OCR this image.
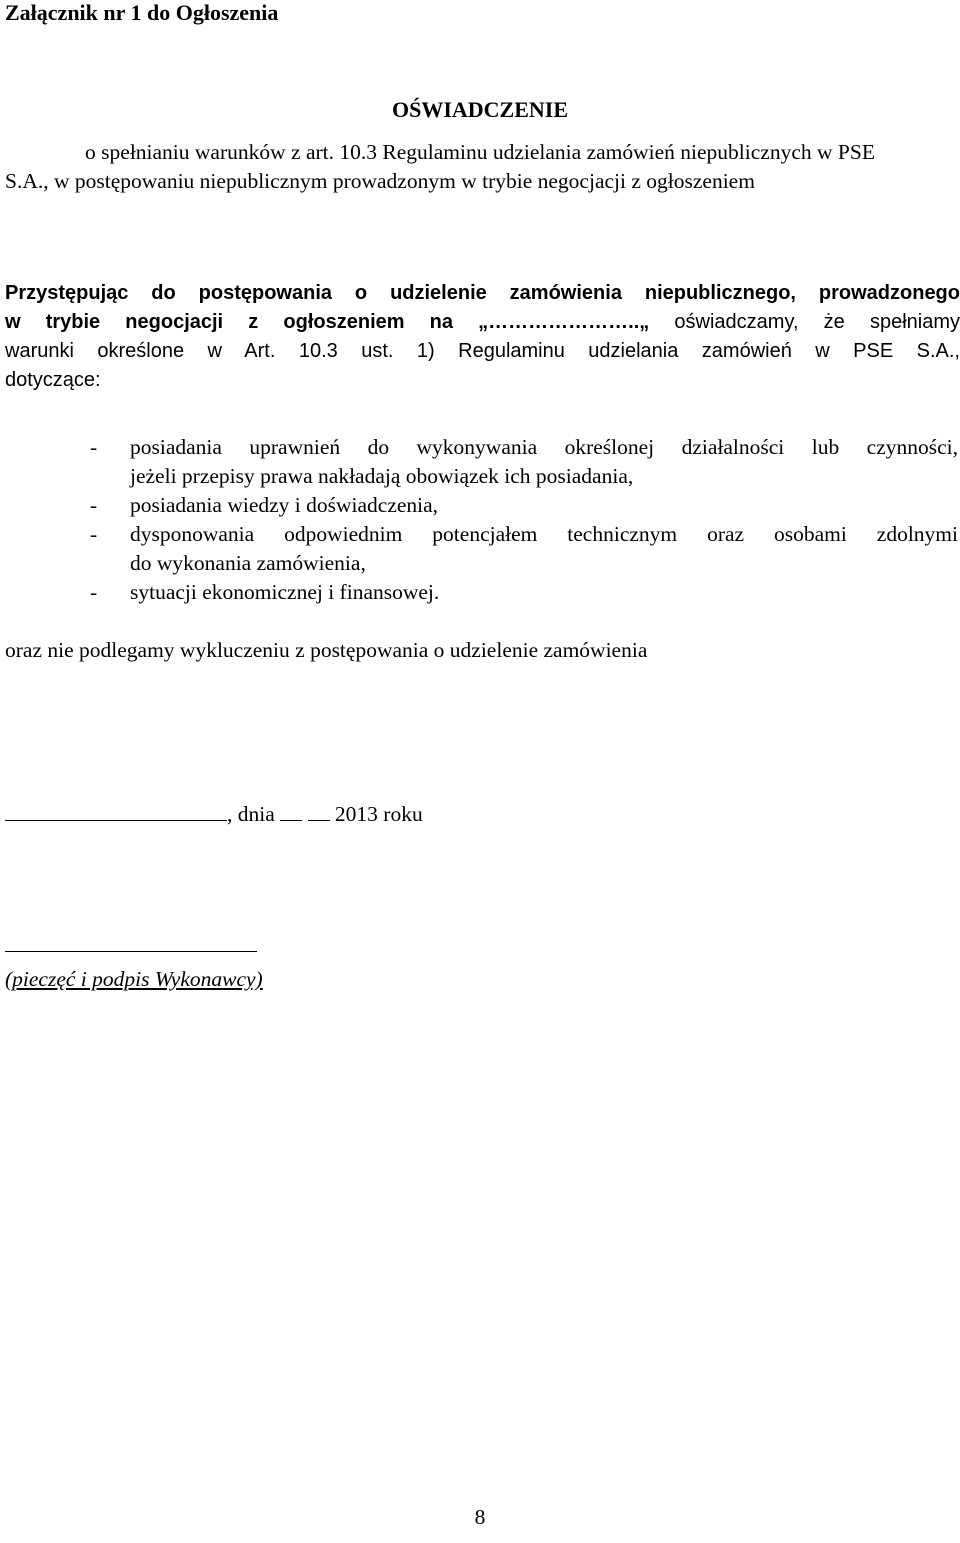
Załącznik nr 1 do Ogłoszenia
OŚWIADCZENIE
o spełnianiu warunków z art. 10.3 Regulaminu udzielania zamówień niepublicznych w PSE
S.A., w postępowaniu niepublicznym prowadzonym w trybie negocjacji z ogłoszeniem
Przystępując do postępowania o udzielenie zamówienia niepublicznego, prowadzonego
w trybie negocjacji z ogłoszeniem na „…………………..„ oświadczamy, że spełniamy
warunki określone w Art. 10.3 ust. 1) Regulaminu udzielania zamówień w PSE S.A.,
dotyczące:
- posiadania uprawnień do wykonywania określonej działalności lub czynności,
jeżeli przepisy prawa nakładają obowiązek ich posiadania,
- posiadania wiedzy i doświadczenia,
- dysponowania odpowiednim potencjałem technicznym oraz osobami zdolnymi
do wykonania zamówienia,
- sytuacji ekonomicznej i finansowej.
oraz nie podlegamy wykluczeniu z postępowania o udzielenie zamówienia
, dnia	2013 roku
(pieczęć i podpis Wykonawcy)
8
